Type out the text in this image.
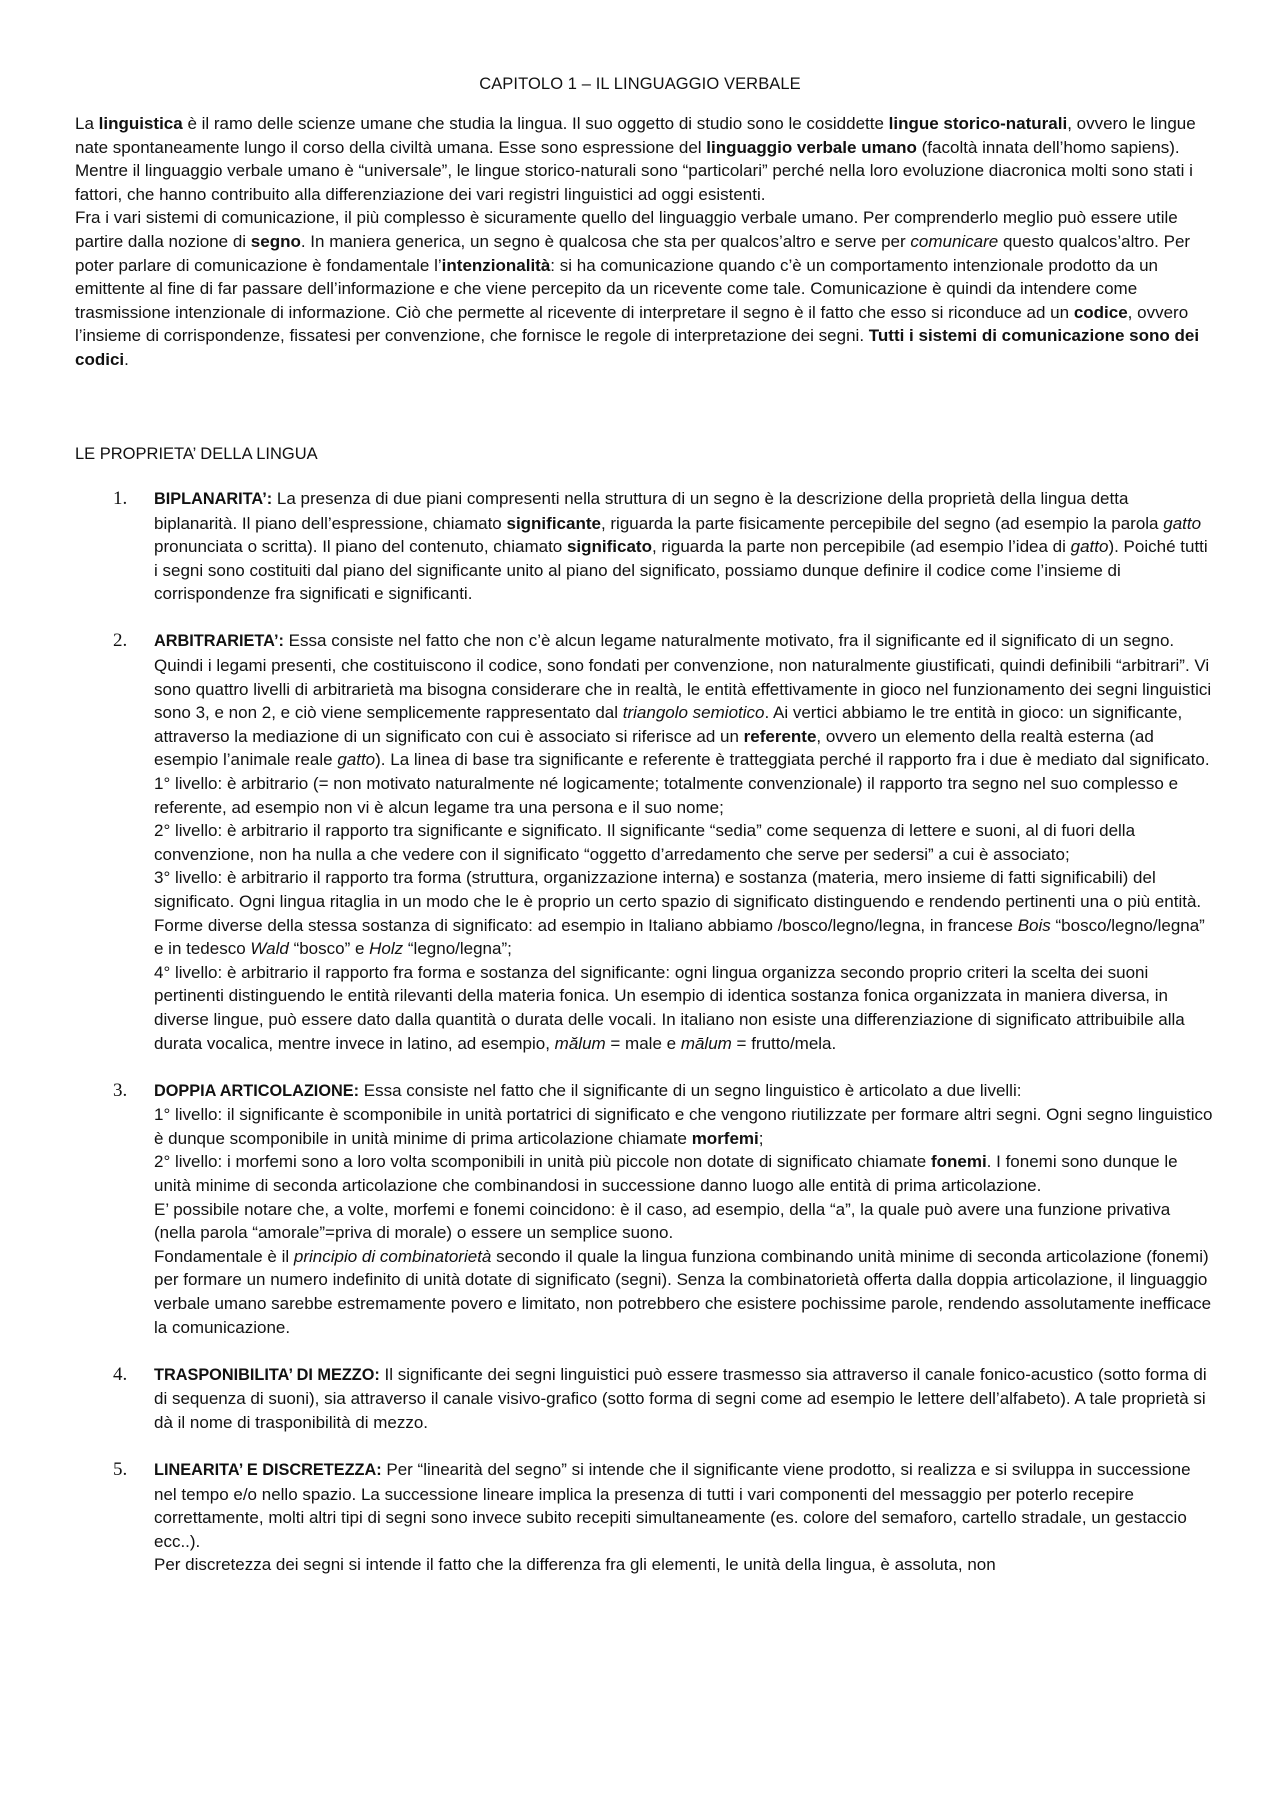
CAPITOLO 1 – IL LINGUAGGIO VERBALE

La linguistica è il ramo delle scienze umane che studia la lingua. Il suo oggetto di studio sono le cosiddette lingue storico-naturali, ovvero le lingue nate spontaneamente lungo il corso della civiltà umana. Esse sono espressione del linguaggio verbale umano (facoltà innata dell’homo sapiens). Mentre il linguaggio verbale umano è “universale”, le lingue storico-naturali sono “particolari” perché nella loro evoluzione diacronica molti sono stati i fattori, che hanno contribuito alla differenziazione dei vari registri linguistici ad oggi esistenti.

Fra i vari sistemi di comunicazione, il più complesso è sicuramente quello del linguaggio verbale umano. Per comprenderlo meglio può essere utile partire dalla nozione di segno. In maniera generica, un segno è qualcosa che sta per qualcos’altro e serve per comunicare questo qualcos’altro. Per poter parlare di comunicazione è fondamentale l’intenzionalità: si ha comunicazione quando c’è un comportamento intenzionale prodotto da un emittente al fine di far passare dell’informazione e che viene percepito da un ricevente come tale. Comunicazione è quindi da intendere come trasmissione intenzionale di informazione. Ciò che permette al ricevente di interpretare il segno è il fatto che esso si riconduce ad un codice, ovvero l’insieme di corrispondenze, fissatesi per convenzione, che fornisce le regole di interpretazione dei segni. Tutti i sistemi di comunicazione sono dei codici.

LE PROPRIETA’ DELLA LINGUA
1. BIPLANARITA’: La presenza di due piani compresenti nella struttura di un segno è la descrizione della proprietà della lingua detta biplanarità. Il piano dell’espressione, chiamato significante, riguarda la parte fisicamente percepibile del segno (ad esempio la parola gatto pronunciata o scritta). Il piano del contenuto, chiamato significato, riguarda la parte non percepibile (ad esempio l’idea di gatto). Poiché tutti i segni sono costituiti dal piano del significante unito al piano del significato, possiamo dunque definire il codice come l’insieme di corrispondenze fra significati e significanti.

2. ARBITRARIETA’: Essa consiste nel fatto che non c’è alcun legame naturalmente motivato, fra il significante ed il significato di un segno. Quindi i legami presenti, che costituiscono il codice, sono fondati per convenzione, non naturalmente giustificati, quindi definibili “arbitrari”. Vi sono quattro livelli di arbitrarietà ma bisogna considerare che in realtà, le entità effettivamente in gioco nel funzionamento dei segni linguistici sono 3, e non 2, e ciò viene semplicemente rappresentato dal triangolo semiotico. Ai vertici abbiamo le tre entità in gioco: un significante, attraverso la mediazione di un significato con cui è associato si riferisce ad un referente, ovvero un elemento della realtà esterna (ad esempio l’animale reale gatto). La linea di base tra significante e referente è tratteggiata perché il rapporto fra i due è mediato dal significato.

1° livello: è arbitrario (= non motivato naturalmente né logicamente; totalmente convenzionale) il rapporto tra segno nel suo complesso e referente, ad esempio non vi è alcun legame tra una persona e il suo nome;

2° livello: è arbitrario il rapporto tra significante e significato. Il significante “sedia” come sequenza di lettere e suoni, al di fuori della convenzione, non ha nulla a che vedere con il significato “oggetto d’arredamento che serve per sedersi” a cui è associato;

3° livello: è arbitrario il rapporto tra forma (struttura, organizzazione interna) e sostanza (materia, mero insieme di fatti significabili) del significato. Ogni lingua ritaglia in un modo che le è proprio un certo spazio di significato distinguendo e rendendo pertinenti una o più entità. Forme diverse della stessa sostanza di significato: ad esempio in Italiano abbiamo /bosco/legno/legna, in francese Bois “bosco/legno/legna” e in tedesco Wald “bosco” e Holz “legno/legna”;

4° livello: è arbitrario il rapporto fra forma e sostanza del significante: ogni lingua organizza secondo proprio criteri la scelta dei suoni pertinenti distinguendo le entità rilevanti della materia fonica. Un esempio di identica sostanza fonica organizzata in maniera diversa, in diverse lingue, può essere dato dalla quantità o durata delle vocali. In italiano non esiste una differenziazione di significato attribuibile alla durata vocalica, mentre invece in latino, ad esempio, mălum = male e mālum = frutto/mela.

3. DOPPIA ARTICOLAZIONE: Essa consiste nel fatto che il significante di un segno linguistico è articolato a due livelli:

1° livello: il significante è scomponibile in unità portatrici di significato e che vengono riutilizzate per formare altri segni. Ogni segno linguistico è dunque scomponibile in unità minime di prima articolazione chiamate morfemi;

2° livello: i morfemi sono a loro volta scomponibili in unità più piccole non dotate di significato chiamate fonemi. I fonemi sono dunque le unità minime di seconda articolazione che combinandosi in successione danno luogo alle entità di prima articolazione.

E’ possibile notare che, a volte, morfemi e fonemi coincidono: è il caso, ad esempio, della “a”, la quale può avere una funzione privativa (nella parola “amorale”=priva di morale) o essere un semplice suono.

Fondamentale è il principio di combinatorietà secondo il quale la lingua funziona combinando unità minime di seconda articolazione (fonemi) per formare un numero indefinito di unità dotate di significato (segni). Senza la combinatorietà offerta dalla doppia articolazione, il linguaggio verbale umano sarebbe estremamente povero e limitato, non potrebbero che esistere pochissime parole, rendendo assolutamente inefficace la comunicazione.

4. TRASPONIBILITA’ DI MEZZO: Il significante dei segni linguistici può essere trasmesso sia attraverso il canale fonico-acustico (sotto forma di di sequenza di suoni), sia attraverso il canale visivo-grafico (sotto forma di segni come ad esempio le lettere dell’alfabeto). A tale proprietà si dà il nome di trasponibilità di mezzo.

5. LINEARITA’ E DISCRETEZZA: Per “linearità del segno” si intende che il significante viene prodotto, si realizza e si sviluppa in successione nel tempo e/o nello spazio. La successione lineare implica la presenza di tutti i vari componenti del messaggio per poterlo recepire correttamente, molti altri tipi di segni sono invece subito recepiti simultaneamente (es. colore del semaforo, cartello stradale, un gestaccio ecc..).

Per discretezza dei segni si intende il fatto che la differenza fra gli elementi, le unità della lingua, è assoluta, non
